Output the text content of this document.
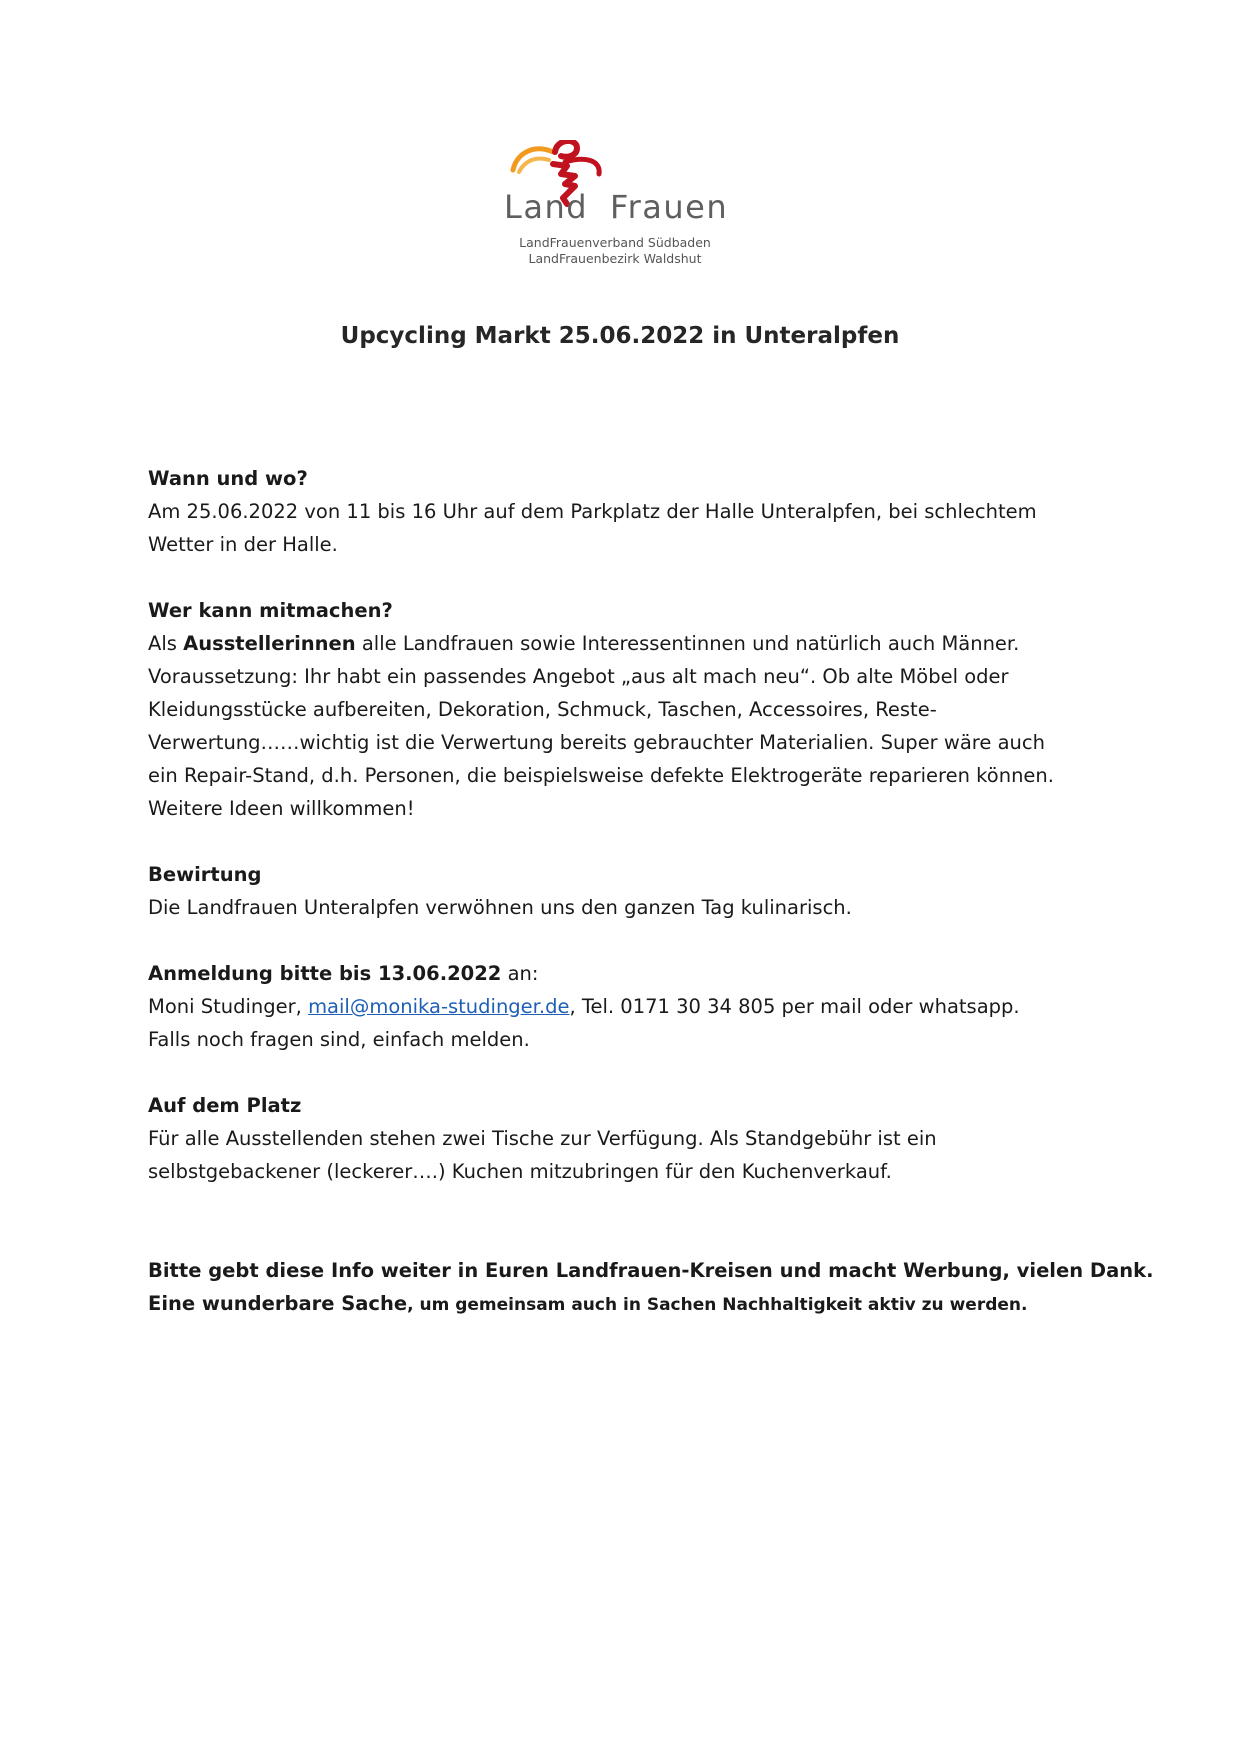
Land Frauen
LandFrauenverband Südbaden
LandFrauenbezirk Waldshut
Upcycling Markt 25.06.2022 in Unteralpfen
Wann und wo?
Am 25.06.2022 von 11 bis 16 Uhr auf dem Parkplatz der Halle Unteralpfen, bei schlechtem
Wetter in der Halle.
Wer kann mitmachen?
Als Ausstellerinnen alle Landfrauen sowie Interessentinnen und natürlich auch Männer.
Voraussetzung: Ihr habt ein passendes Angebot „aus alt mach neu“. Ob alte Möbel oder
Kleidungsstücke aufbereiten, Dekoration, Schmuck, Taschen, Accessoires, Reste-
Verwertung……wichtig ist die Verwertung bereits gebrauchter Materialien. Super wäre auch
ein Repair-Stand, d.h. Personen, die beispielsweise defekte Elektrogeräte reparieren können.
Weitere Ideen willkommen!
Bewirtung
Die Landfrauen Unteralpfen verwöhnen uns den ganzen Tag kulinarisch.
Anmeldung bitte bis 13.06.2022 an:
Moni Studinger, mail@monika-studinger.de, Tel. 0171 30 34 805 per mail oder whatsapp.
Falls noch fragen sind, einfach melden.
Auf dem Platz
Für alle Ausstellenden stehen zwei Tische zur Verfügung. Als Standgebühr ist ein
selbstgebackener (leckerer….) Kuchen mitzubringen für den Kuchenverkauf.
Bitte gebt diese Info weiter in Euren Landfrauen-Kreisen und macht Werbung, vielen Dank.
Eine wunderbare Sache, um gemeinsam auch in Sachen Nachhaltigkeit aktiv zu werden.
